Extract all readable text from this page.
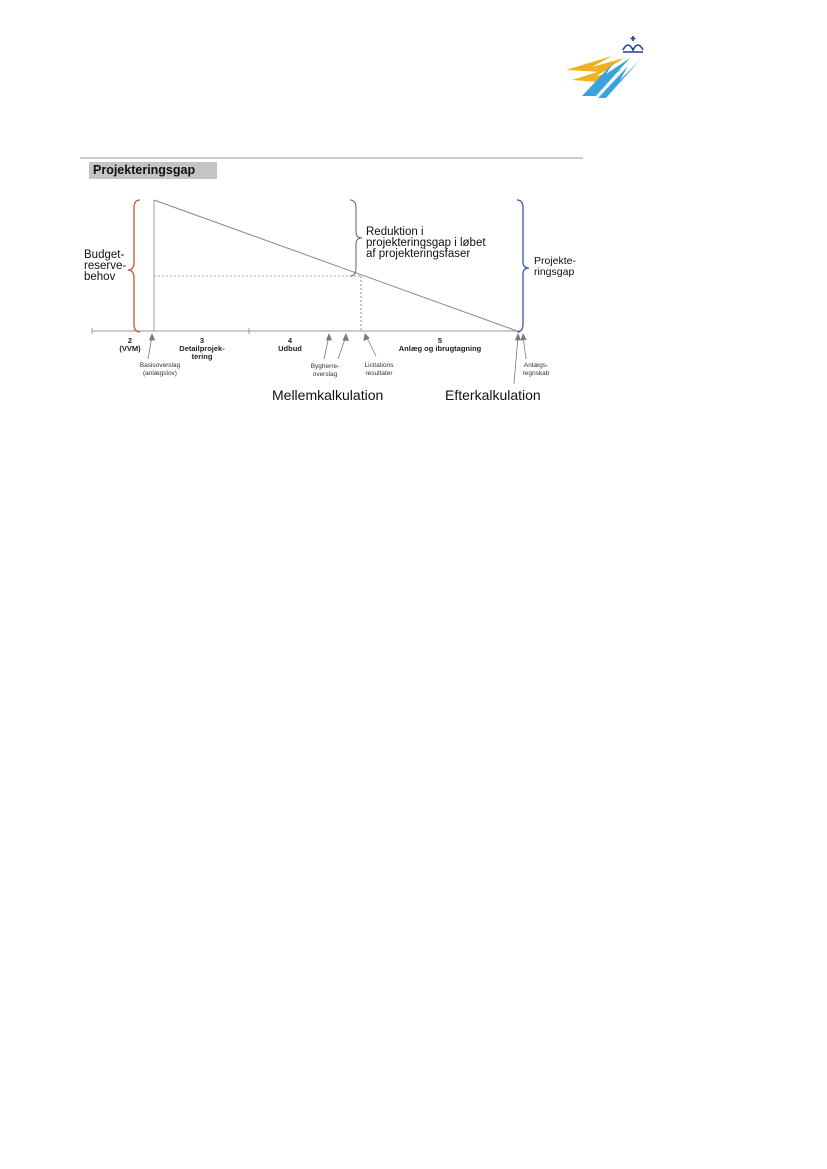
Projekteringsgap
Budget-
reserve-
behov
Reduktion i
projekteringsgap i løbet
af projekteringsfaser
Projekte-
ringsgap
2
(VVM)
3
Detailprojek-
tering
4
Udbud
5
Anlæg og ibrugtagning
Basisoverslag
(anlægslov)
Bygherre-
overslag
Licitations
resultater
Anlægs-
regnskab
Mellemkalkulation	Efterkalkulation
